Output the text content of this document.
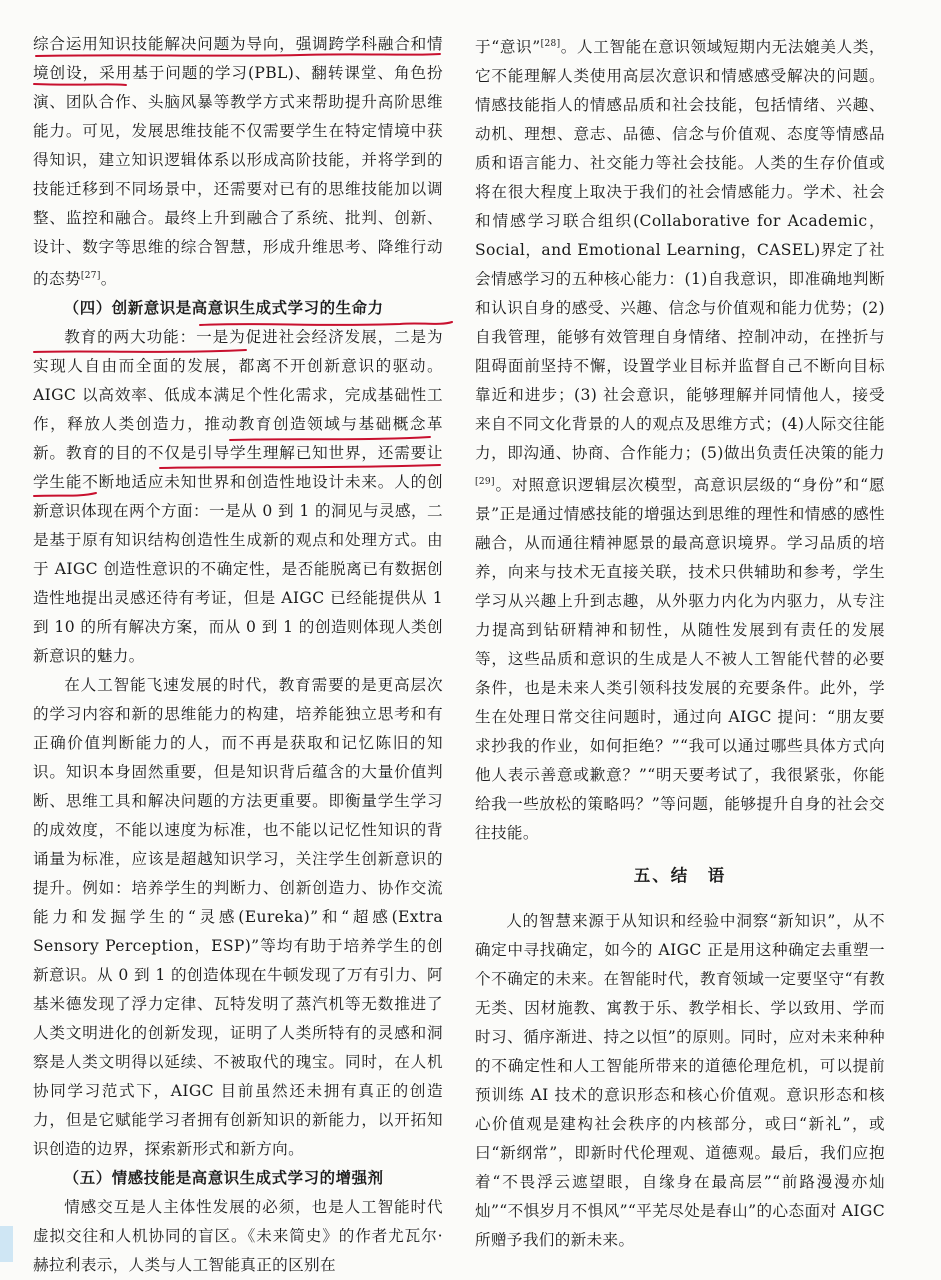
综合运用知识技能解决问题为导向，强调跨学科融合和情境创设，采用基于问题的学习(PBL)、翻转课堂、角色扮演、团队合作、头脑风暴等教学方式来帮助提升高阶思维能力。可见，发展思维技能不仅需要学生在特定情境中获得知识，建立知识逻辑体系以形成高阶技能，并将学到的技能迁移到不同场景中，还需要对已有的思维技能加以调整、监控和融合。最终上升到融合了系统、批判、创新、设计、数字等思维的综合智慧，形成升维思考、降维行动的态势[27]。

（四）创新意识是高意识生成式学习的生命力

教育的两大功能：一是为促进社会经济发展，二是为实现人自由而全面的发展，都离不开创新意识的驱动。AIGC 以高效率、低成本满足个性化需求，完成基础性工作，释放人类创造力，推动教育创造领域与基础概念革新。教育的目的不仅是引导学生理解已知世界，还需要让学生能不断地适应未知世界和创造性地设计未来。人的创新意识体现在两个方面：一是从 0 到 1 的洞见与灵感，二是基于原有知识结构创造性生成新的观点和处理方式。由于 AIGC 创造性意识的不确定性，是否能脱离已有数据创造性地提出灵感还待有考证，但是 AIGC 已经能提供从 1 到 10 的所有解决方案，而从 0 到 1 的创造则体现人类创新意识的魅力。

在人工智能飞速发展的时代，教育需要的是更高层次的学习内容和新的思维能力的构建，培养能独立思考和有正确价值判断能力的人，而不再是获取和记忆陈旧的知识。知识本身固然重要，但是知识背后蕴含的大量价值判断、思维工具和解决问题的方法更重要。即衡量学生学习的成效度，不能以速度为标准，也不能以记忆性知识的背诵量为标准，应该是超越知识学习，关注学生创新意识的提升。例如：培养学生的判断力、创新创造力、协作交流能力和发掘学生的“灵感(Eureka)”和“超感(Extra Sensory Perception，ESP)”等均有助于培养学生的创新意识。从 0 到 1 的创造体现在牛顿发现了万有引力、阿基米德发现了浮力定律、瓦特发明了蒸汽机等无数推进了人类文明进化的创新发现，证明了人类所特有的灵感和洞察是人类文明得以延续、不被取代的瑰宝。同时，在人机协同学习范式下，AIGC 目前虽然还未拥有真正的创造力，但是它赋能学习者拥有创新知识的新能力，以开拓知识创造的边界，探索新形式和新方向。

（五）情感技能是高意识生成式学习的增强剂

情感交互是人主体性发展的必须，也是人工智能时代虚拟交往和人机协同的盲区。《未来简史》的作者尤瓦尔·赫拉利表示，人类与人工智能真正的区别在

于“意识”[28]。人工智能在意识领域短期内无法媲美人类，它不能理解人类使用高层次意识和情感感受解决的问题。情感技能指人的情感品质和社会技能，包括情绪、兴趣、动机、理想、意志、品德、信念与价值观、态度等情感品质和语言能力、社交能力等社会技能。人类的生存价值或将在很大程度上取决于我们的社会情感能力。学术、社会和情感学习联合组织(Collaborative for Academic，Social，and Emotional Learning，CASEL)界定了社会情感学习的五种核心能力：(1)自我意识，即准确地判断和认识自身的感受、兴趣、信念与价值观和能力优势；(2) 自我管理，能够有效管理自身情绪、控制冲动，在挫折与阻碍面前坚持不懈，设置学业目标并监督自己不断向目标靠近和进步；(3) 社会意识，能够理解并同情他人，接受来自不同文化背景的人的观点及思维方式；(4)人际交往能力，即沟通、协商、合作能力；(5)做出负责任决策的能力[29]。对照意识逻辑层次模型，高意识层级的“身份”和“愿景”正是通过情感技能的增强达到思维的理性和情感的感性融合，从而通往精神愿景的最高意识境界。学习品质的培养，向来与技术无直接关联，技术只供辅助和参考，学生学习从兴趣上升到志趣，从外驱力内化为内驱力，从专注力提高到钻研精神和韧性，从随性发展到有责任的发展等，这些品质和意识的生成是人不被人工智能代替的必要条件，也是未来人类引领科技发展的充要条件。此外，学生在处理日常交往问题时，通过向 AIGC 提问：“朋友要求抄我的作业，如何拒绝？”“我可以通过哪些具体方式向他人表示善意或歉意？”“明天要考试了，我很紧张，你能给我一些放松的策略吗？”等问题，能够提升自身的社会交往技能。

五、结　语

人的智慧来源于从知识和经验中洞察“新知识”，从不确定中寻找确定，如今的 AIGC 正是用这种确定去重塑一个不确定的未来。在智能时代，教育领域一定要坚守“有教无类、因材施教、寓教于乐、教学相长、学以致用、学而时习、循序渐进、持之以恒”的原则。同时，应对未来种种的不确定性和人工智能所带来的道德伦理危机，可以提前预训练 AI 技术的意识形态和核心价值观。意识形态和核心价值观是建构社会秩序的内核部分，或曰“新礼”，或曰“新纲常”，即新时代伦理观、道德观。最后，我们应抱着“不畏浮云遮望眼，自缘身在最高层”“前路漫漫亦灿灿”“不惧岁月不惧风”“平芜尽处是春山”的心态面对 AIGC 所赠予我们的新未来。
